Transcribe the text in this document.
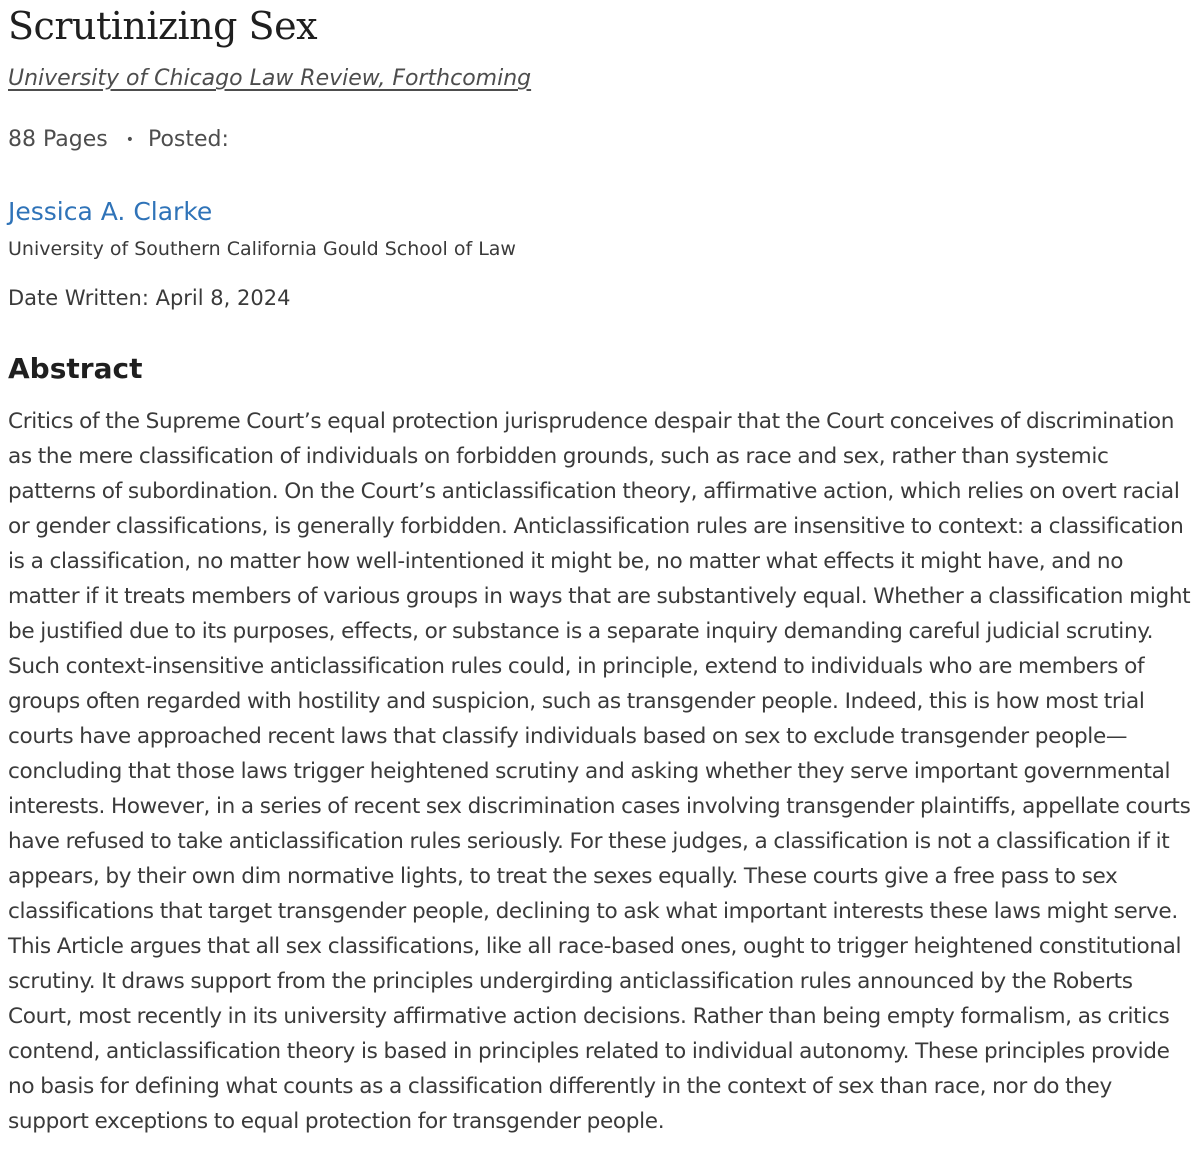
Scrutinizing Sex
University of Chicago Law Review, Forthcoming
88 Pages • Posted:
Jessica A. Clarke
University of Southern California Gould School of Law
Date Written: April 8, 2024
Abstract
Critics of the Supreme Court’s equal protection jurisprudence despair that the Court conceives of discrimination
as the mere classification of individuals on forbidden grounds, such as race and sex, rather than systemic
patterns of subordination. On the Court’s anticlassification theory, affirmative action, which relies on overt racial
or gender classifications, is generally forbidden. Anticlassification rules are insensitive to context: a classification
is a classification, no matter how well-intentioned it might be, no matter what effects it might have, and no
matter if it treats members of various groups in ways that are substantively equal. Whether a classification might
be justified due to its purposes, effects, or substance is a separate inquiry demanding careful judicial scrutiny.
Such context-insensitive anticlassification rules could, in principle, extend to individuals who are members of
groups often regarded with hostility and suspicion, such as transgender people. Indeed, this is how most trial
courts have approached recent laws that classify individuals based on sex to exclude transgender people—
concluding that those laws trigger heightened scrutiny and asking whether they serve important governmental
interests. However, in a series of recent sex discrimination cases involving transgender plaintiffs, appellate courts
have refused to take anticlassification rules seriously. For these judges, a classification is not a classification if it
appears, by their own dim normative lights, to treat the sexes equally. These courts give a free pass to sex
classifications that target transgender people, declining to ask what important interests these laws might serve.
This Article argues that all sex classifications, like all race-based ones, ought to trigger heightened constitutional
scrutiny. It draws support from the principles undergirding anticlassification rules announced by the Roberts
Court, most recently in its university affirmative action decisions. Rather than being empty formalism, as critics
contend, anticlassification theory is based in principles related to individual autonomy. These principles provide
no basis for defining what counts as a classification differently in the context of sex than race, nor do they
support exceptions to equal protection for transgender people.
